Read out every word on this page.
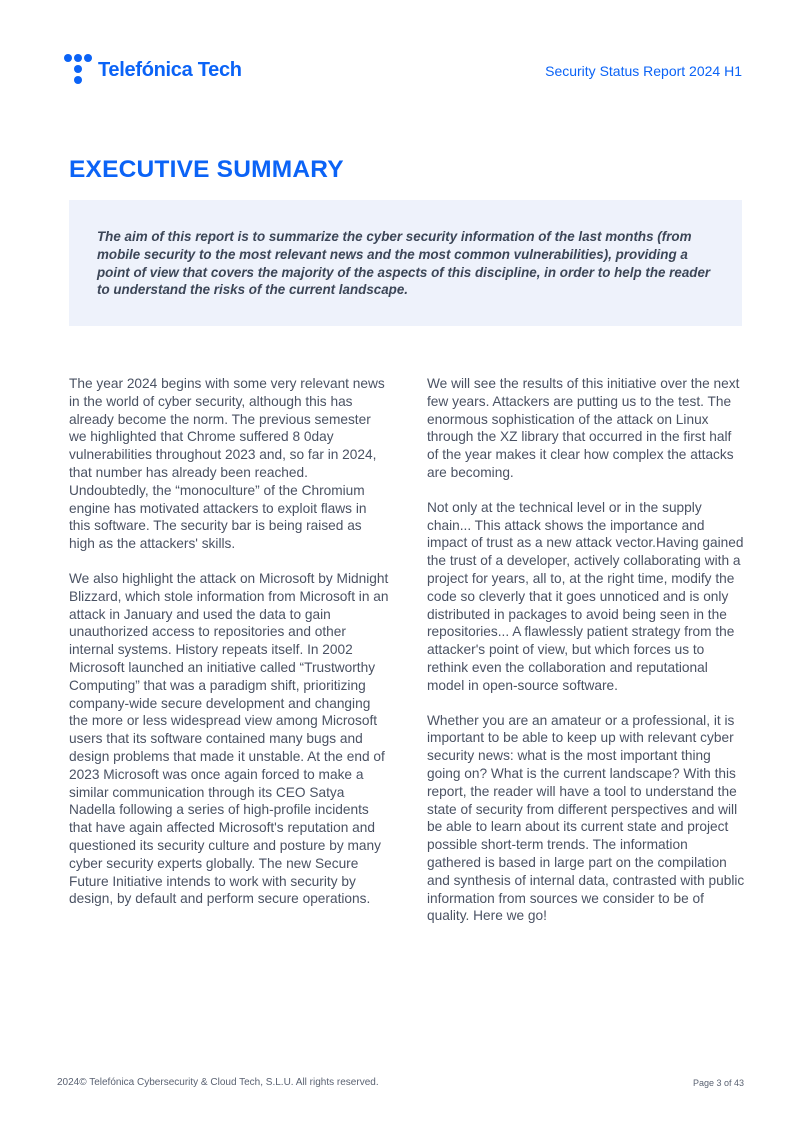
Telefónica Tech	Security Status Report 2024 H1
EXECUTIVE SUMMARY

The aim of this report is to summarize the cyber security information of the last months (from mobile security to the most relevant news and the most common vulnerabilities), providing a point of view that covers the majority of the aspects of this discipline, in order to help the reader to understand the risks of the current landscape.

The year 2024 begins with some very relevant news in the world of cyber security, although this has already become the norm. The previous semester we highlighted that Chrome suffered 8 0day vulnerabilities throughout 2023 and, so far in 2024, that number has already been reached. Undoubtedly, the “monoculture” of the Chromium engine has motivated attackers to exploit flaws in this software. The security bar is being raised as high as the attackers' skills.

We also highlight the attack on Microsoft by Midnight Blizzard, which stole information from Microsoft in an attack in January and used the data to gain unauthorized access to repositories and other internal systems. History repeats itself. In 2002 Microsoft launched an initiative called “Trustworthy Computing” that was a paradigm shift, prioritizing company-wide secure development and changing the more or less widespread view among Microsoft users that its software contained many bugs and design problems that made it unstable. At the end of 2023 Microsoft was once again forced to make a similar communication through its CEO Satya Nadella following a series of high-profile incidents that have again affected Microsoft's reputation and questioned its security culture and posture by many cyber security experts globally. The new Secure Future Initiative intends to work with security by design, by default and perform secure operations.

We will see the results of this initiative over the next few years. Attackers are putting us to the test. The enormous sophistication of the attack on Linux through the XZ library that occurred in the first half of the year makes it clear how complex the attacks are becoming.

Not only at the technical level or in the supply chain... This attack shows the importance and impact of trust as a new attack vector.Having gained the trust of a developer, actively collaborating with a project for years, all to, at the right time, modify the code so cleverly that it goes unnoticed and is only distributed in packages to avoid being seen in the repositories... A flawlessly patient strategy from the attacker's point of view, but which forces us to rethink even the collaboration and reputational model in open-source software.

Whether you are an amateur or a professional, it is important to be able to keep up with relevant cyber security news: what is the most important thing going on? What is the current landscape? With this report, the reader will have a tool to understand the state of security from different perspectives and will be able to learn about its current state and project possible short-term trends. The information gathered is based in large part on the compilation and synthesis of internal data, contrasted with public information from sources we consider to be of quality. Here we go!

2024© Telefónica Cybersecurity & Cloud Tech, S.L.U. All rights reserved.	Page 3 of 43
